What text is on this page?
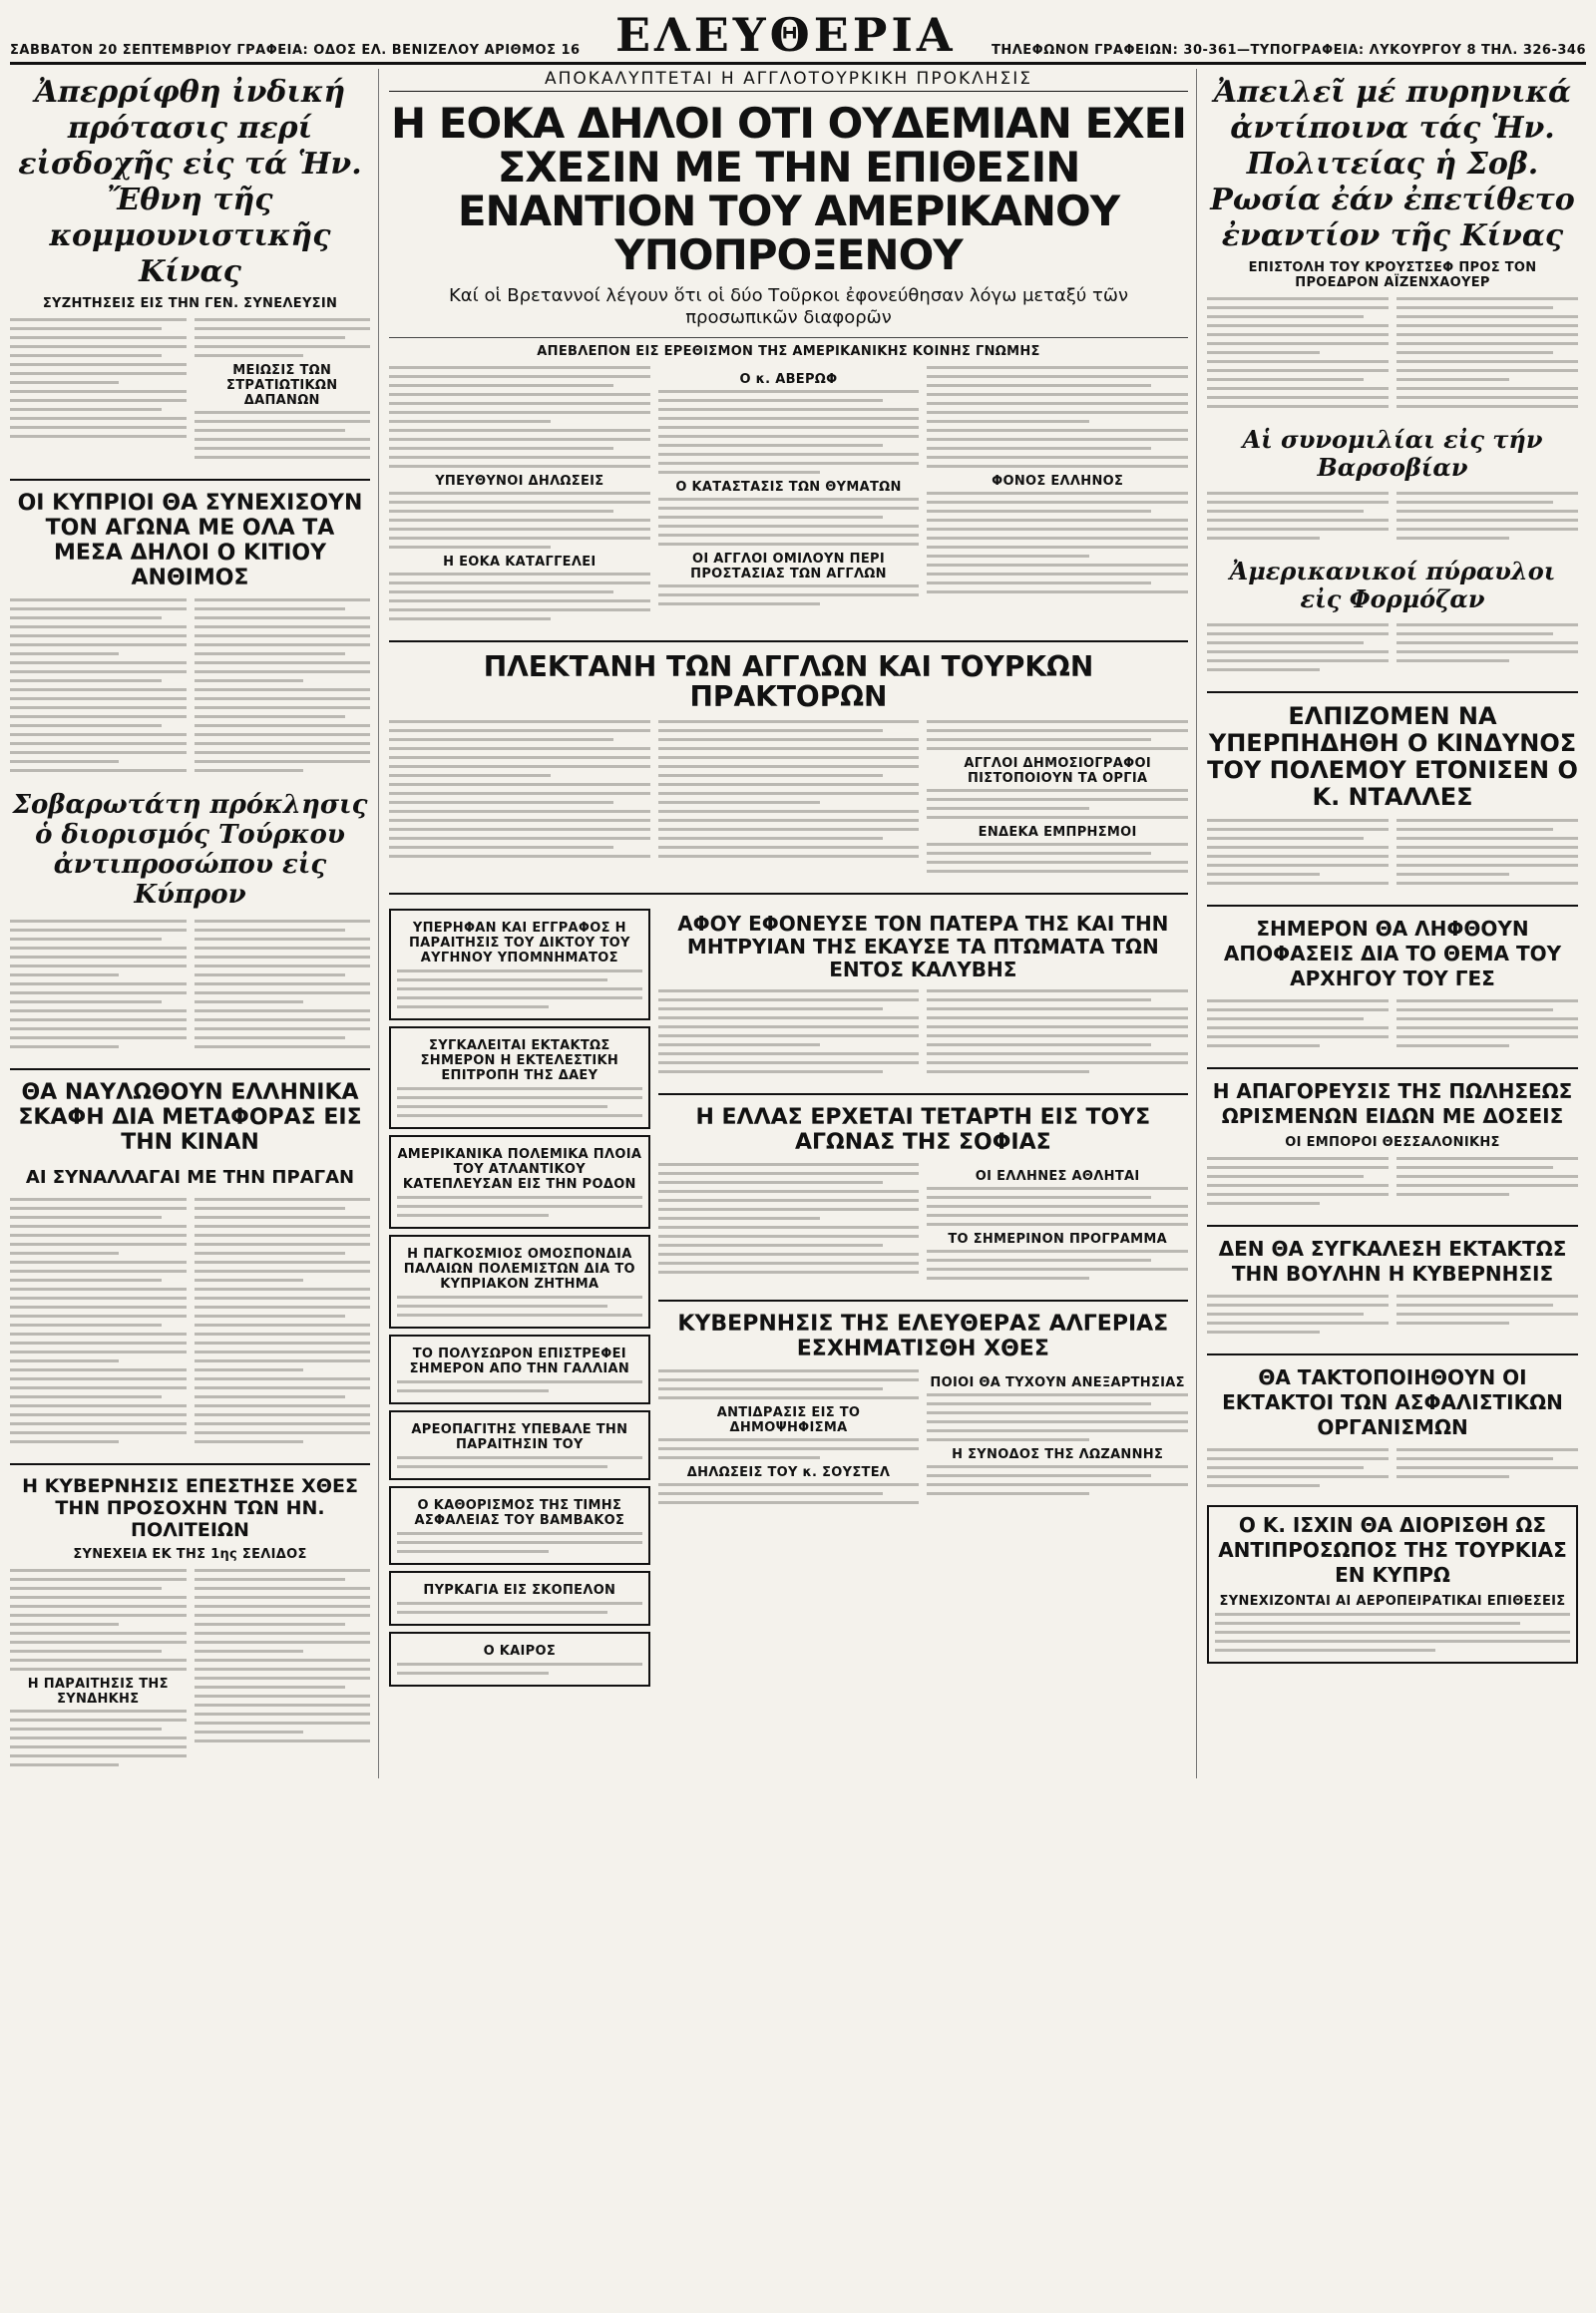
ΣΑΒΒΑΤΟΝ 20 ΣΕΠΤΕΜΒΡΙΟΥ ΓΡΑΦΕΙΑ: ΟΔΟΣ ΕΛ. ΒΕΝΙΖΕΛΟΥ ΑΡΙΘΜΟΣ 16 ΕΛΕΥΘΕΡΙΑ	ΤΗΛΕΦΩΝΟΝ ΓΡΑΦΕΙΩΝ: 30-361—ΤΥΠΟΓΡΑΦΕΙΑ: ΛΥΚΟΥΡΓΟΥ 8 ΤΗΛ. 326-346
Ἀπερρίφθη ἰνδική πρότασις περί εἰσδοχῆς εἰς τά Ἡν. Ἔθνη τῆς κομμουνιστικῆς Κίνας
ΣΥΖΗΤΗΣΕΙΣ ΕΙΣ ΤΗΝ ΓΕΝ. ΣΥΝΕΛΕΥΣΙΝ
ΜΕΙΩΣΙΣ ΤΩΝ ΣΤΡΑΤΙΩΤΙΚΩΝ ΔΑΠΑΝΩΝ
ΟΙ ΚΥΠΡΙΟΙ ΘΑ ΣΥΝΕΧΙΣΟΥΝ ΤΟΝ ΑΓΩΝΑ ΜΕ ΟΛΑ ΤΑ ΜΕΣΑ ΔΗΛΟΙ Ο ΚΙΤΙΟΥ ΑΝΘΙΜΟΣ
Σοβαρωτάτη πρόκλησις ὁ διορισμός Τούρκου ἀντιπροσώπου εἰς Κύπρον
ΘΑ ΝΑΥΛΩΘΟΥΝ ΕΛΛΗΝΙΚΑ ΣΚΑΦΗ ΔΙΑ ΜΕΤΑΦΟΡΑΣ ΕΙΣ ΤΗΝ ΚΙΝΑΝ
ΑΙ ΣΥΝΑΛΛΑΓΑΙ ΜΕ ΤΗΝ ΠΡΑΓΑΝ
Η ΚΥΒΕΡΝΗΣΙΣ ΕΠΕΣΤΗΣΕ ΧΘΕΣ ΤΗΝ ΠΡΟΣΟΧΗΝ ΤΩΝ ΗΝ. ΠΟΛΙΤΕΙΩΝ
ΣΥΝΕΧΕΙΑ ΕΚ ΤΗΣ 1ης ΣΕΛΙΔΟΣ
Η ΠΑΡΑΙΤΗΣΙΣ ΤΗΣ ΣΥΝΔΗΚΗΣ
ΑΠΟΚΑΛΥΠΤΕΤΑΙ Η ΑΓΓΛΟΤΟΥΡΚΙΚΗ ΠΡΟΚΛΗΣΙΣ
Η ΕΟΚΑ ΔΗΛΟΙ ΟΤΙ ΟΥΔΕΜΙΑΝ ΕΧΕΙ ΣΧΕΣΙΝ ΜΕ ΤΗΝ ΕΠΙΘΕΣΙΝ ΕΝΑΝΤΙΟΝ ΤΟΥ ΑΜΕΡΙΚΑΝΟΥ ΥΠΟΠΡΟΞΕΝΟΥ
Καί οἱ Βρεταννοί λέγουν ὅτι οἱ δύο Τοῦρκοι ἐφονεύθησαν λόγω μεταξύ τῶν προσωπικῶν διαφορῶν
ΑΠΕΒΛΕΠΟΝ ΕΙΣ ΕΡΕΘΙΣΜΟΝ ΤΗΣ ΑΜΕΡΙΚΑΝΙΚΗΣ ΚΟΙΝΗΣ ΓΝΩΜΗΣ
ΥΠΕΥΘΥΝΟΙ ΔΗΛΩΣΕΙΣ
Η ΕΟΚΑ ΚΑΤΑΓΓΕΛΕΙ
Ο κ. ΑΒΕΡΩΦ
Ο ΚΑΤΑΣΤΑΣΙΣ ΤΩΝ ΘΥΜΑΤΩΝ
ΟΙ ΑΓΓΛΟΙ ΟΜΙΛΟΥΝ ΠΕΡΙ ΠΡΟΣΤΑΣΙΑΣ ΤΩΝ ΑΓΓΛΩΝ
ΦΟΝΟΣ ΕΛΛΗΝΟΣ
ΠΛΕΚΤΑΝΗ ΤΩΝ ΑΓΓΛΩΝ ΚΑΙ ΤΟΥΡΚΩΝ ΠΡΑΚΤΟΡΩΝ
ΑΓΓΛΟΙ ΔΗΜΟΣΙΟΓΡΑΦΟΙ ΠΙΣΤΟΠΟΙΟΥΝ ΤΑ ΟΡΓΙΑ
ΕΝΔΕΚΑ ΕΜΠΡΗΣΜΟΙ
ΥΠΕΡΗΦΑΝ ΚΑΙ ΕΓΓΡΑΦΟΣ Η ΠΑΡΑΙΤΗΣΙΣ ΤΟΥ ΔΙΚΤΟΥ ΤΟΥ ΑΥΓΗΝΟΥ ΥΠΟΜΝΗΜΑΤΟΣ
ΣΥΓΚΑΛΕΙΤΑΙ ΕΚΤΑΚΤΩΣ ΣΗΜΕΡΟΝ Η ΕΚΤΕΛΕΣΤΙΚΗ ΕΠΙΤΡΟΠΗ ΤΗΣ ΔΑΕΥ
ΑΜΕΡΙΚΑΝΙΚΑ ΠΟΛΕΜΙΚΑ ΠΛΟΙΑ ΤΟΥ ΑΤΛΑΝΤΙΚΟΥ ΚΑΤΕΠΛΕΥΣΑΝ ΕΙΣ ΤΗΝ ΡΟΔΟΝ
Η ΠΑΓΚΟΣΜΙΟΣ ΟΜΟΣΠΟΝΔΙΑ ΠΑΛΑΙΩΝ ΠΟΛΕΜΙΣΤΩΝ ΔΙΑ ΤΟ ΚΥΠΡΙΑΚΟΝ ΖΗΤΗΜΑ
ΤΟ ΠΟΛΥΣΩΡΟΝ ΕΠΙΣΤΡΕΦΕΙ ΣΗΜΕΡΟΝ ΑΠΟ ΤΗΝ ΓΑΛΛΙΑΝ
ΑΡΕΟΠΑΓΙΤΗΣ ΥΠΕΒΑΛΕ ΤΗΝ ΠΑΡΑΙΤΗΣΙΝ ΤΟΥ
Ο ΚΑΘΟΡΙΣΜΟΣ ΤΗΣ ΤΙΜΗΣ ΑΣΦΑΛΕΙΑΣ ΤΟΥ ΒΑΜΒΑΚΟΣ
ΠΥΡΚΑΓΙΑ ΕΙΣ ΣΚΟΠΕΛΟΝ
Ο ΚΑΙΡΟΣ
ΑΦΟΥ ΕΦΟΝΕΥΣΕ ΤΟΝ ΠΑΤΕΡΑ ΤΗΣ ΚΑΙ ΤΗΝ ΜΗΤΡΥΙΑΝ ΤΗΣ ΕΚΑΥΣΕ ΤΑ ΠΤΩΜΑΤΑ ΤΩΝ ΕΝΤΟΣ ΚΑΛΥΒΗΣ
Η ΕΛΛΑΣ ΕΡΧΕΤΑΙ ΤΕΤΑΡΤΗ ΕΙΣ ΤΟΥΣ ΑΓΩΝΑΣ ΤΗΣ ΣΟΦΙΑΣ
ΟΙ ΕΛΛΗΝΕΣ ΑΘΛΗΤΑΙ
ΤΟ ΣΗΜΕΡΙΝΟΝ ΠΡΟΓΡΑΜΜΑ
ΚΥΒΕΡΝΗΣΙΣ ΤΗΣ ΕΛΕΥΘΕΡΑΣ ΑΛΓΕΡΙΑΣ ΕΣΧΗΜΑΤΙΣΘΗ ΧΘΕΣ
ΑΝΤΙΔΡΑΣΙΣ ΕΙΣ ΤΟ ΔΗΜΟΨΗΦΙΣΜΑ
ΔΗΛΩΣΕΙΣ ΤΟΥ κ. ΣΟΥΣΤΕΛ
ΠΟΙΟΙ ΘΑ ΤΥΧΟΥΝ ΑΝΕΞΑΡΤΗΣΙΑΣ
Η ΣΥΝΟΔΟΣ ΤΗΣ ΛΩΖΑΝΝΗΣ
Ἀπειλεῖ μέ πυρηνικά ἀντίποινα τάς Ἡν. Πολιτείας ἡ Σοβ. Ρωσία ἐάν ἐπετίθετο ἐναντίον τῆς Κίνας
ΕΠΙΣΤΟΛΗ ΤΟΥ ΚΡΟΥΣΤΣΕΦ ΠΡΟΣ ΤΟΝ ΠΡΟΕΔΡΟΝ ΑΪΖΕΝΧΑΟΥΕΡ
Αἱ συνομιλίαι εἰς τήν Βαρσοβίαν
Ἀμερικανικοί πύραυλοι εἰς Φορμόζαν
ΕΛΠΙΖΟΜΕΝ ΝΑ ΥΠΕΡΠΗΔΗΘΗ Ο ΚΙΝΔΥΝΟΣ ΤΟΥ ΠΟΛΕΜΟΥ ΕΤΟΝΙΣΕΝ Ο Κ. ΝΤΑΛΛΕΣ
ΣΗΜΕΡΟΝ ΘΑ ΛΗΦΘΟΥΝ ΑΠΟΦΑΣΕΙΣ ΔΙΑ ΤΟ ΘΕΜΑ ΤΟΥ ΑΡΧΗΓΟΥ ΤΟΥ ΓΕΣ
Η ΑΠΑΓΟΡΕΥΣΙΣ ΤΗΣ ΠΩΛΗΣΕΩΣ ΩΡΙΣΜΕΝΩΝ ΕΙΔΩΝ ΜΕ ΔΟΣΕΙΣ
ΟΙ ΕΜΠΟΡΟΙ ΘΕΣΣΑΛΟΝΙΚΗΣ
ΔΕΝ ΘΑ ΣΥΓΚΑΛΕΣΗ ΕΚΤΑΚΤΩΣ ΤΗΝ ΒΟΥΛΗΝ Η ΚΥΒΕΡΝΗΣΙΣ
ΘΑ ΤΑΚΤΟΠΟΙΗΘΟΥΝ ΟΙ ΕΚΤΑΚΤΟΙ ΤΩΝ ΑΣΦΑΛΙΣΤΙΚΩΝ ΟΡΓΑΝΙΣΜΩΝ
Ο Κ. ΙΣΧΙΝ ΘΑ ΔΙΟΡΙΣΘΗ ΩΣ ΑΝΤΙΠΡΟΣΩΠΟΣ ΤΗΣ ΤΟΥΡΚΙΑΣ ΕΝ ΚΥΠΡΩ
ΣΥΝΕΧΙΖΟΝΤΑΙ ΑΙ ΑΕΡΟΠΕΙΡΑΤΙΚΑΙ ΕΠΙΘΕΣΕΙΣ
